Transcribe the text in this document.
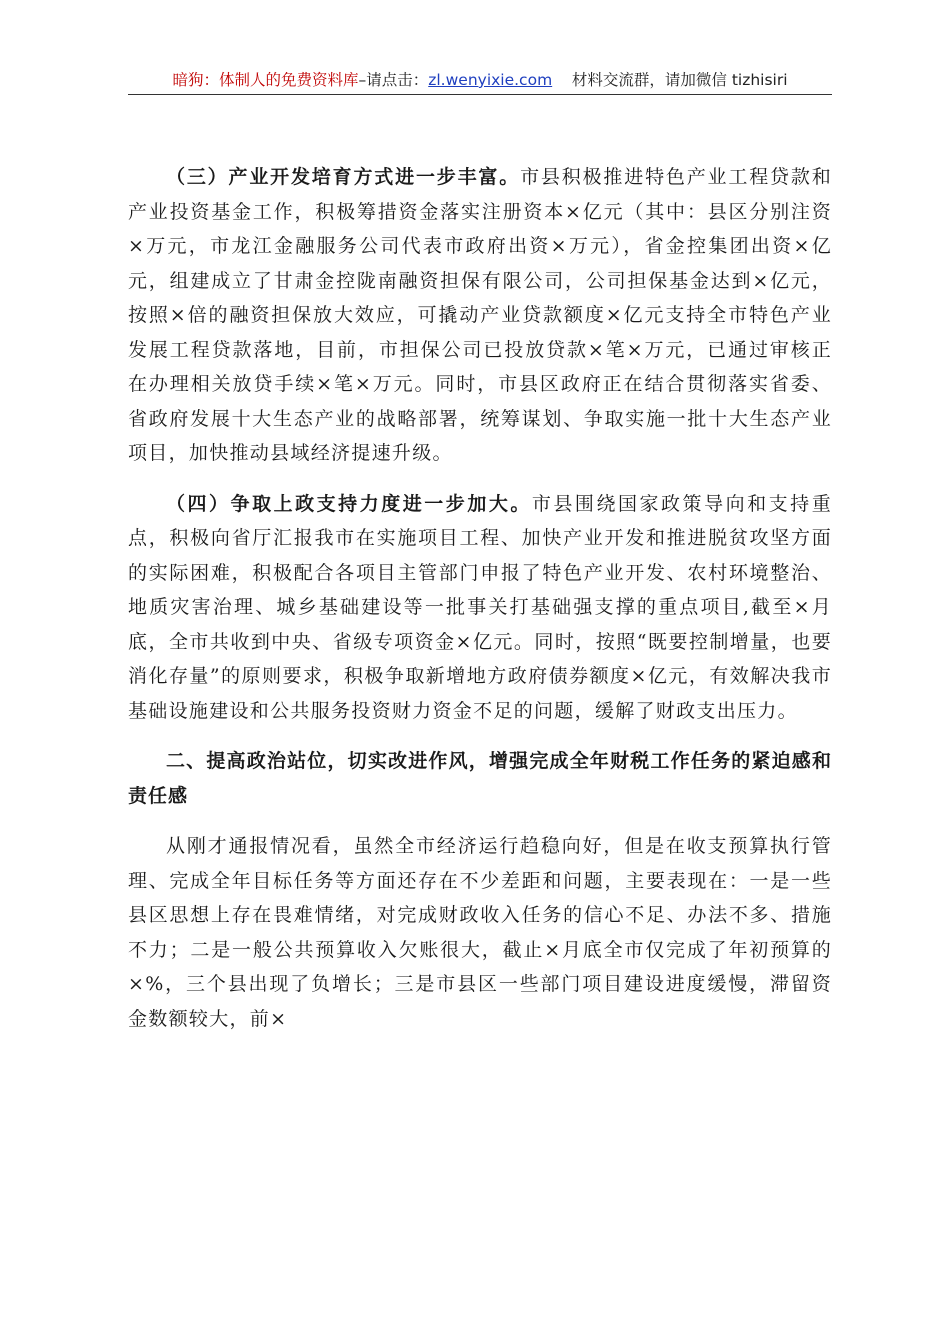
暗狗：体制人的免费资料库–请点击：zl.wenyixie.com 材料交流群，请加微信 tizhisiri

（三）产业开发培育方式进一步丰富。市县积极推进特色产业工程贷款和产业投资基金工作，积极筹措资金落实注册资本×亿元（其中：县区分别注资×万元，市龙江金融服务公司代表市政府出资×万元），省金控集团出资×亿元，组建成立了甘肃金控陇南融资担保有限公司，公司担保基金达到×亿元，按照×倍的融资担保放大效应，可撬动产业贷款额度×亿元支持全市特色产业发展工程贷款落地，目前，市担保公司已投放贷款×笔×万元，已通过审核正在办理相关放贷手续×笔×万元。同时，市县区政府正在结合贯彻落实省委、省政府发展十大生态产业的战略部署，统筹谋划、争取实施一批十大生态产业项目，加快推动县域经济提速升级。

（四）争取上政支持力度进一步加大。市县围绕国家政策导向和支持重点，积极向省厅汇报我市在实施项目工程、加快产业开发和推进脱贫攻坚方面的实际困难，积极配合各项目主管部门申报了特色产业开发、农村环境整治、地质灾害治理、城乡基础建设等一批事关打基础强支撑的重点项目,截至×月底，全市共收到中央、省级专项资金×亿元。同时，按照“既要控制增量，也要消化存量”的原则要求，积极争取新增地方政府债券额度×亿元，有效解决我市基础设施建设和公共服务投资财力资金不足的问题，缓解了财政支出压力。

二、提高政治站位，切实改进作风，增强完成全年财税工作任务的紧迫感和责任感

从刚才通报情况看，虽然全市经济运行趋稳向好，但是在收支预算执行管理、完成全年目标任务等方面还存在不少差距和问题，主要表现在：一是一些县区思想上存在畏难情绪，对完成财政收入任务的信心不足、办法不多、措施不力；二是一般公共预算收入欠账很大，截止×月底全市仅完成了年初预算的×%，三个县出现了负增长；三是市县区一些部门项目建设进度缓慢，滞留资金数额较大，前×
